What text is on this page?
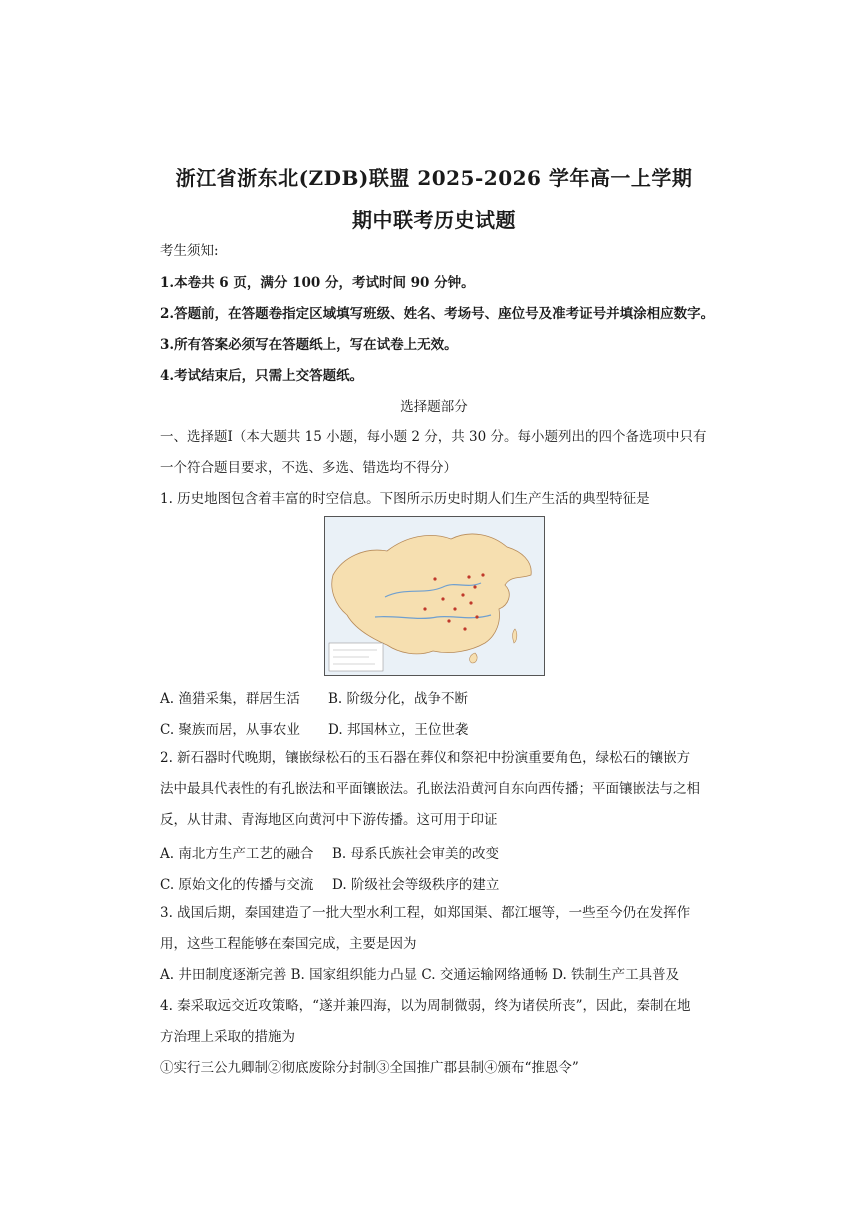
浙江省浙东北(ZDB)联盟 2025-2026 学年高一上学期
期中联考历史试题
考生须知:
1.本卷共 6 页，满分 100 分，考试时间 90 分钟。
2.答题前，在答题卷指定区域填写班级、姓名、考场号、座位号及准考证号并填涂相应数字。
3.所有答案必须写在答题纸上，写在试卷上无效。
4.考试结束后，只需上交答题纸。
选择题部分
一、选择题Ⅰ（本大题共 15 小题，每小题 2 分，共 30 分。每小题列出的四个备选项中只有
一个符合题目要求，不选、多选、错选均不得分）
1. 历史地图包含着丰富的时空信息。下图所示历史时期人们生产生活的典型特征是
A. 渔猎采集，群居生活 B. 阶级分化，战争不断
C. 聚族而居，从事农业 D. 邦国林立，王位世袭
2. 新石器时代晚期，镶嵌绿松石的玉石器在葬仪和祭祀中扮演重要角色，绿松石的镶嵌方
法中最具代表性的有孔嵌法和平面镶嵌法。孔嵌法沿黄河自东向西传播；平面镶嵌法与之相
反，从甘肃、青海地区向黄河中下游传播。这可用于印证
A. 南北方生产工艺的融合 B. 母系氏族社会审美的改变
C. 原始文化的传播与交流 D. 阶级社会等级秩序的建立
3. 战国后期，秦国建造了一批大型水利工程，如郑国渠、都江堰等，一些至今仍在发挥作
用，这些工程能够在秦国完成，主要是因为
A. 井田制度逐渐完善 B. 国家组织能力凸显 C. 交通运输网络通畅 D. 铁制生产工具普及
4. 秦采取远交近攻策略，“遂并兼四海，以为周制微弱，终为诸侯所丧”，因此，秦制在地
方治理上采取的措施为
①实行三公九卿制②彻底废除分封制③全国推广郡县制④颁布“推恩令”
